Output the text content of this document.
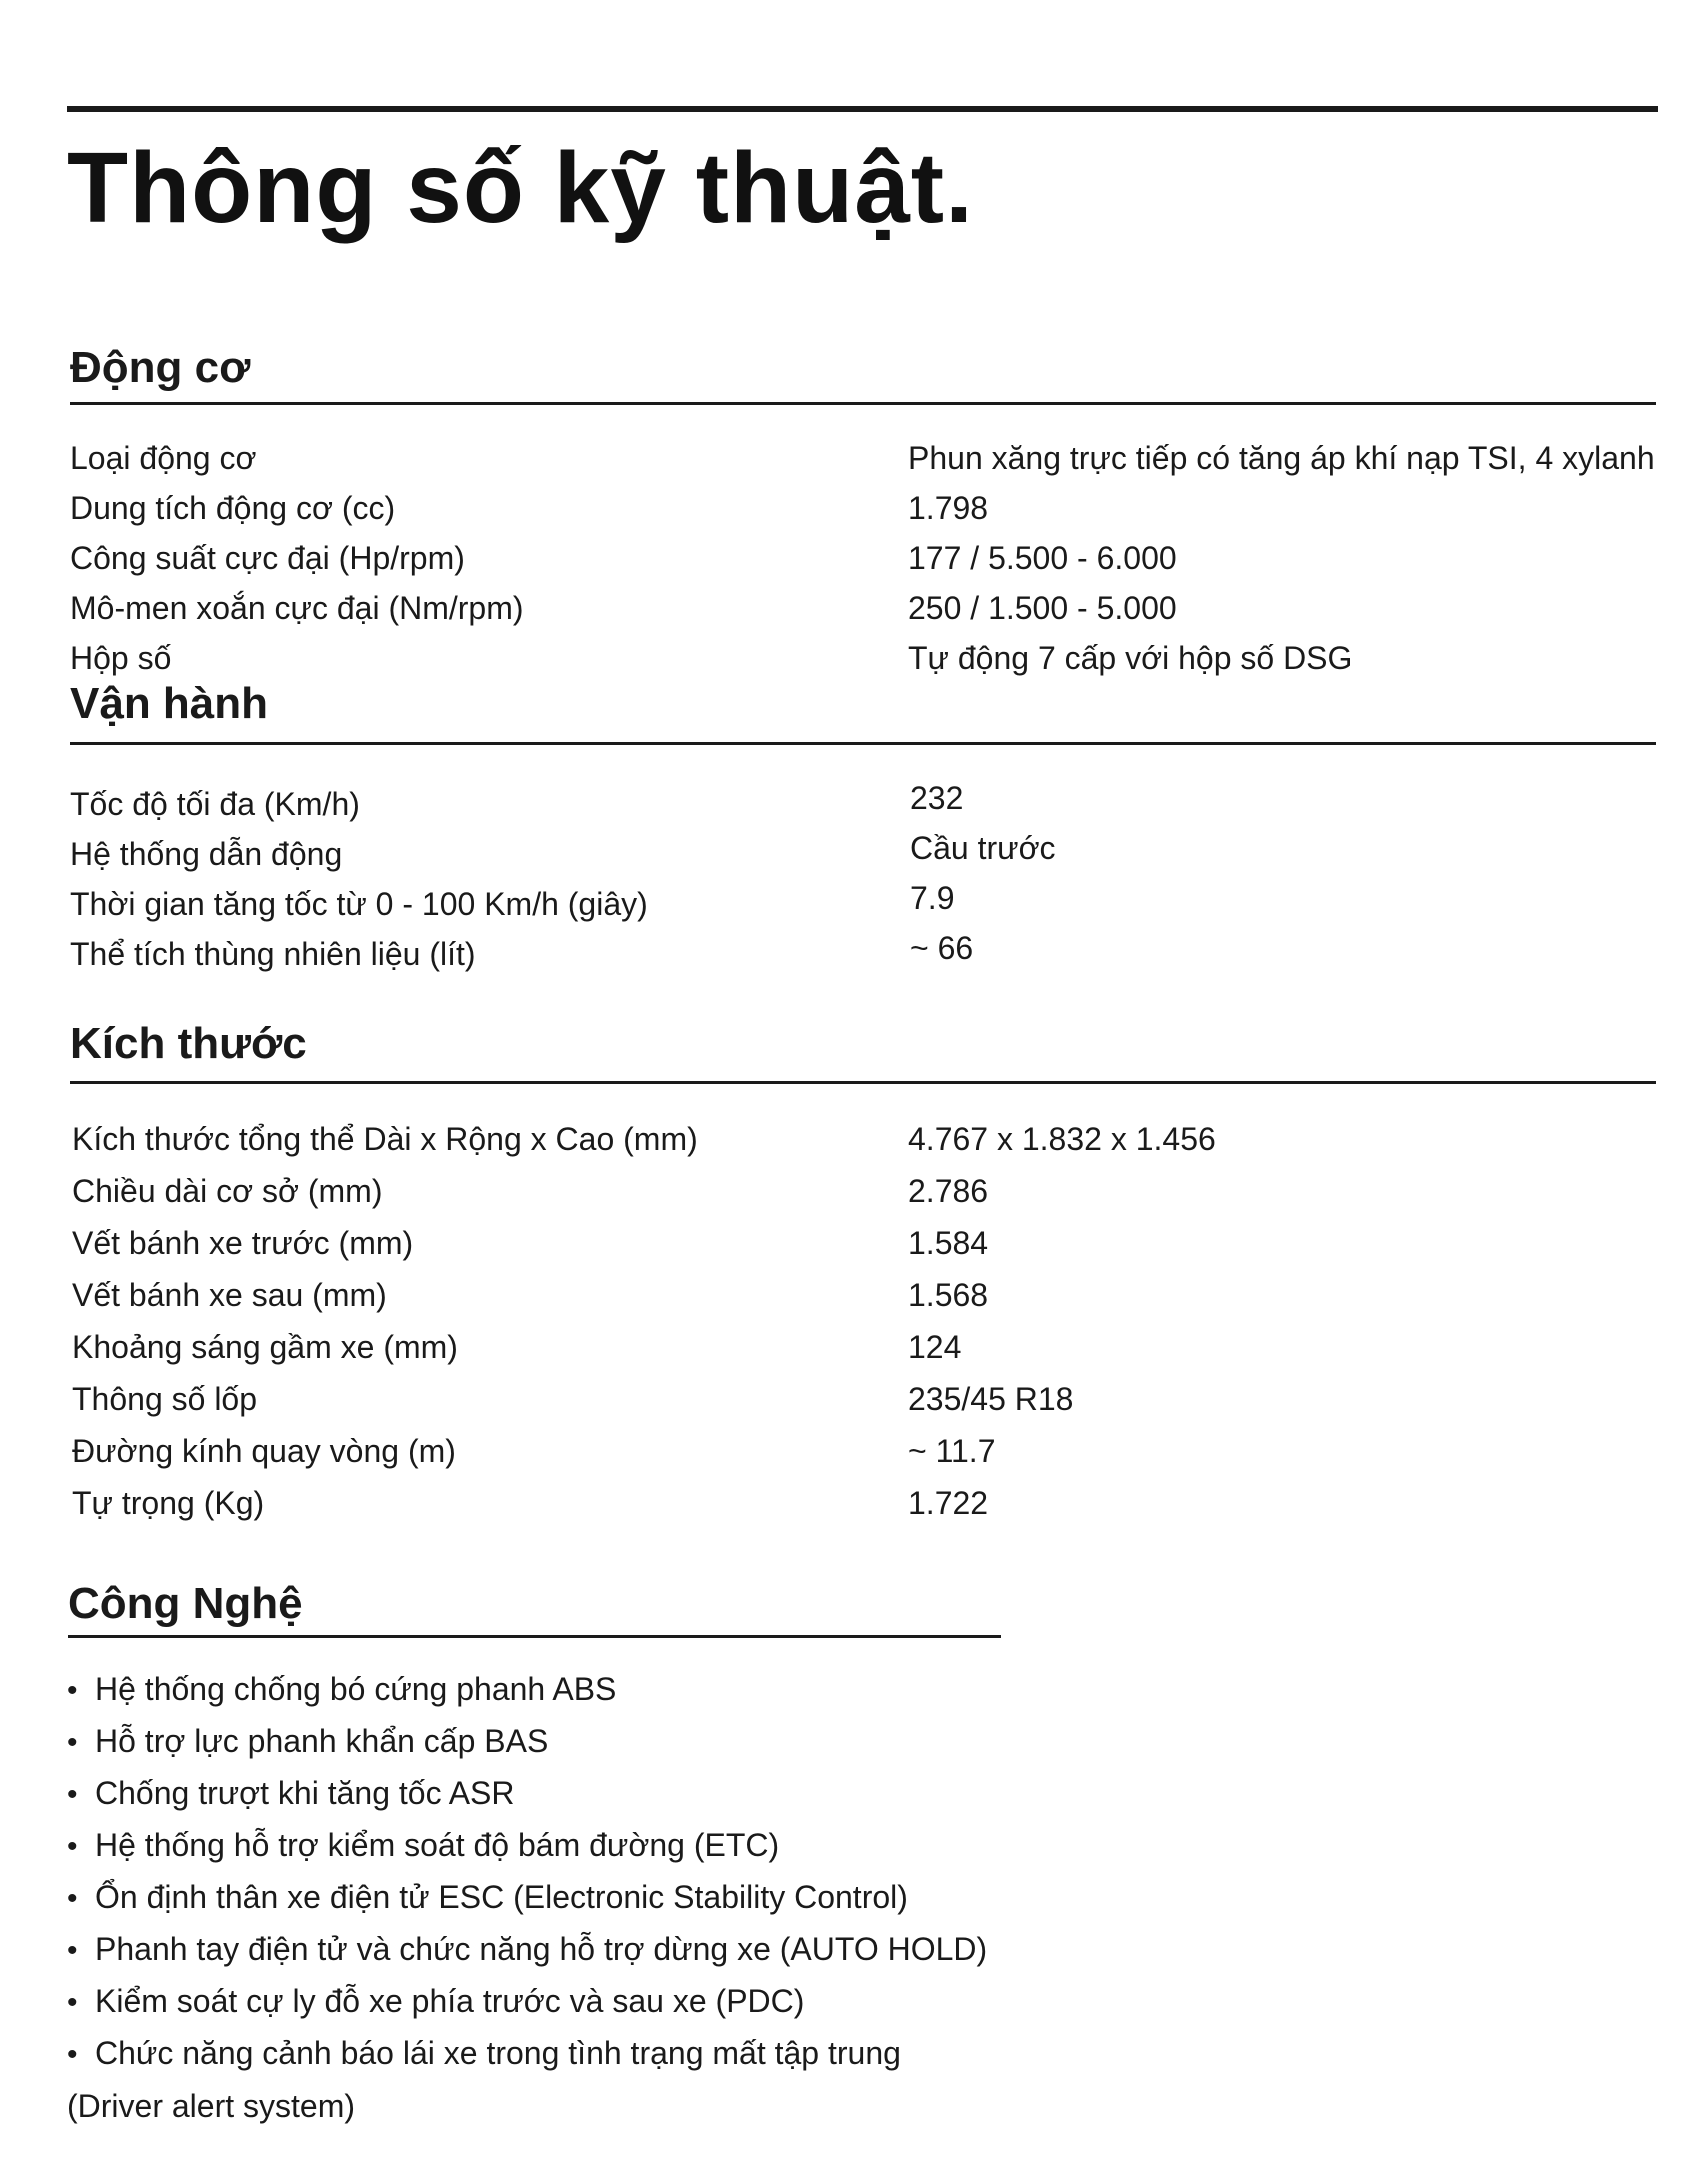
Thông số kỹ thuật.
Động cơ
Loại động cơ	Phun xăng trực tiếp có tăng áp khí nạp TSI, 4 xylanh
Dung tích động cơ (cc)	1.798
Công suất cực đại (Hp/rpm)	177 / 5.500 - 6.000
Mô-men xoắn cực đại (Nm/rpm)	250 / 1.500 - 5.000
Hộp số	Tự động 7 cấp với hộp số DSG
Vận hành
Tốc độ tối đa (Km/h)	232
Hệ thống dẫn động	Cầu trước
Thời gian tăng tốc từ 0 - 100 Km/h (giây)	7.9
Thể tích thùng nhiên liệu (lít)	~ 66
Kích thước
Kích thước tổng thể Dài x Rộng x Cao (mm)	4.767 x 1.832 x 1.456
Chiều dài cơ sở (mm)	2.786
Vết bánh xe trước (mm)	1.584
Vết bánh xe sau (mm)	1.568
Khoảng sáng gầm xe (mm)	124
Thông số lốp	235/45 R18
Đường kính quay vòng (m)	~ 11.7
Tự trọng (Kg)	1.722
Công Nghệ
• Hệ thống chống bó cứng phanh ABS
• Hỗ trợ lực phanh khẩn cấp BAS
• Chống trượt khi tăng tốc ASR
• Hệ thống hỗ trợ kiểm soát độ bám đường (ETC)
• Ổn định thân xe điện tử ESC (Electronic Stability Control)
• Phanh tay điện tử và chức năng hỗ trợ dừng xe (AUTO HOLD)
• Kiểm soát cự ly đỗ xe phía trước và sau xe (PDC)
• Chức năng cảnh báo lái xe trong tình trạng mất tập trung
(Driver alert system)
